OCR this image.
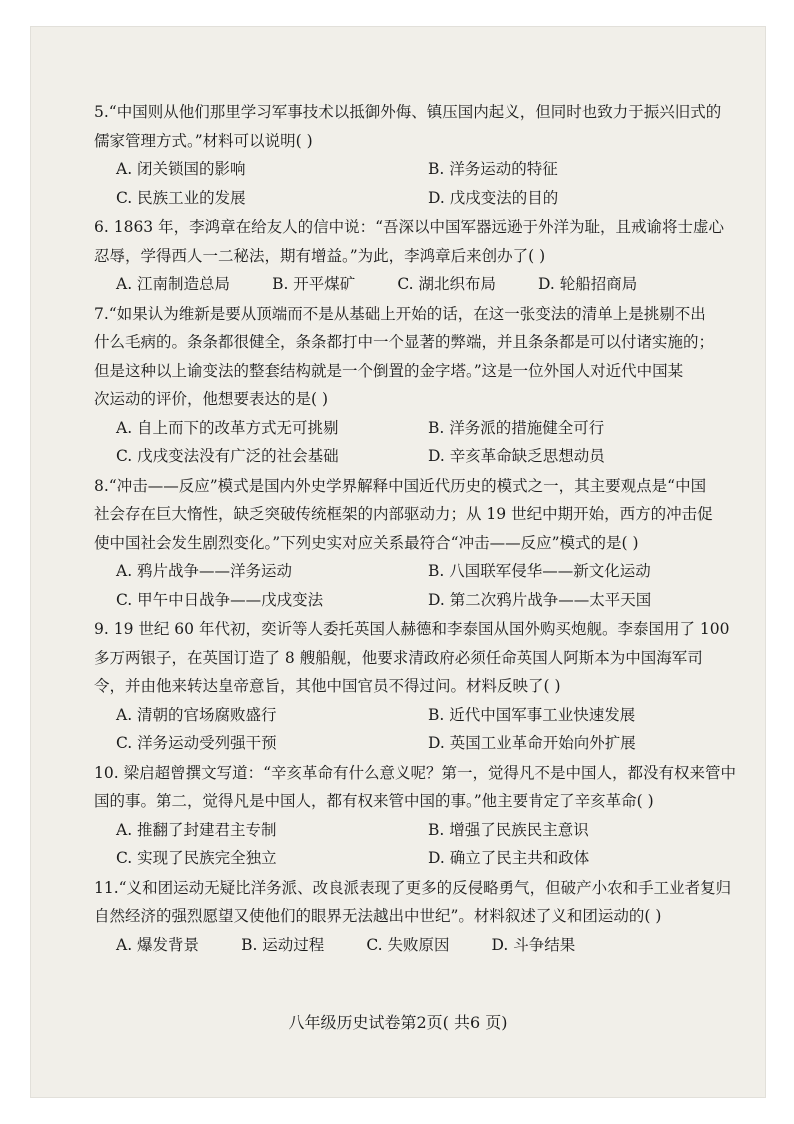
5.“中国则从他们那里学习军事技术以抵御外侮、镇压国内起义，但同时也致力于振兴旧式的
儒家管理方式。”材料可以说明( )
A. 闭关锁国的影响	B. 洋务运动的特征
C. 民族工业的发展	D. 戊戌变法的目的
6. 1863 年，李鸿章在给友人的信中说：“吾深以中国军器远逊于外洋为耻，且戒谕将士虚心
忍辱，学得西人一二秘法，期有增益。”为此，李鸿章后来创办了( )
A. 江南制造总局	B. 开平煤矿	C. 湖北织布局	D. 轮船招商局
7.“如果认为维新是要从顶端而不是从基础上开始的话，在这一张变法的清单上是挑剔不出
什么毛病的。条条都很健全，条条都打中一个显著的弊端，并且条条都是可以付诸实施的；
但是这种以上谕变法的整套结构就是一个倒置的金字塔。”这是一位外国人对近代中国某
次运动的评价，他想要表达的是( )
A. 自上而下的改革方式无可挑剔	B. 洋务派的措施健全可行
C. 戊戌变法没有广泛的社会基础	D. 辛亥革命缺乏思想动员
8.“冲击——反应”模式是国内外史学界解释中国近代历史的模式之一，其主要观点是“中国
社会存在巨大惰性，缺乏突破传统框架的内部驱动力；从 19 世纪中期开始，西方的冲击促
使中国社会发生剧烈变化。”下列史实对应关系最符合“冲击——反应”模式的是( )
A. 鸦片战争——洋务运动	B. 八国联军侵华——新文化运动
C. 甲午中日战争——戊戌变法	D. 第二次鸦片战争——太平天国
9. 19 世纪 60 年代初，奕䜣等人委托英国人赫德和李泰国从国外购买炮舰。李泰国用了 100
多万两银子，在英国订造了 8 艘船舰，他要求清政府必须任命英国人阿斯本为中国海军司
令，并由他来转达皇帝意旨，其他中国官员不得过问。材料反映了( )
A. 清朝的官场腐败盛行	B. 近代中国军事工业快速发展
C. 洋务运动受列强干预	D. 英国工业革命开始向外扩展
10. 梁启超曾撰文写道：“辛亥革命有什么意义呢？第一，觉得凡不是中国人，都没有权来管中
国的事。第二，觉得凡是中国人，都有权来管中国的事。”他主要肯定了辛亥革命( )
A. 推翻了封建君主专制	B. 增强了民族民主意识
C. 实现了民族完全独立	D. 确立了民主共和政体
11.“义和团运动无疑比洋务派、改良派表现了更多的反侵略勇气，但破产小农和手工业者复归
自然经济的强烈愿望又使他们的眼界无法越出中世纪”。材料叙述了义和团运动的( )
A. 爆发背景	B. 运动过程	C. 失败原因	D. 斗争结果
八年级历史试卷第2页( 共6 页)
